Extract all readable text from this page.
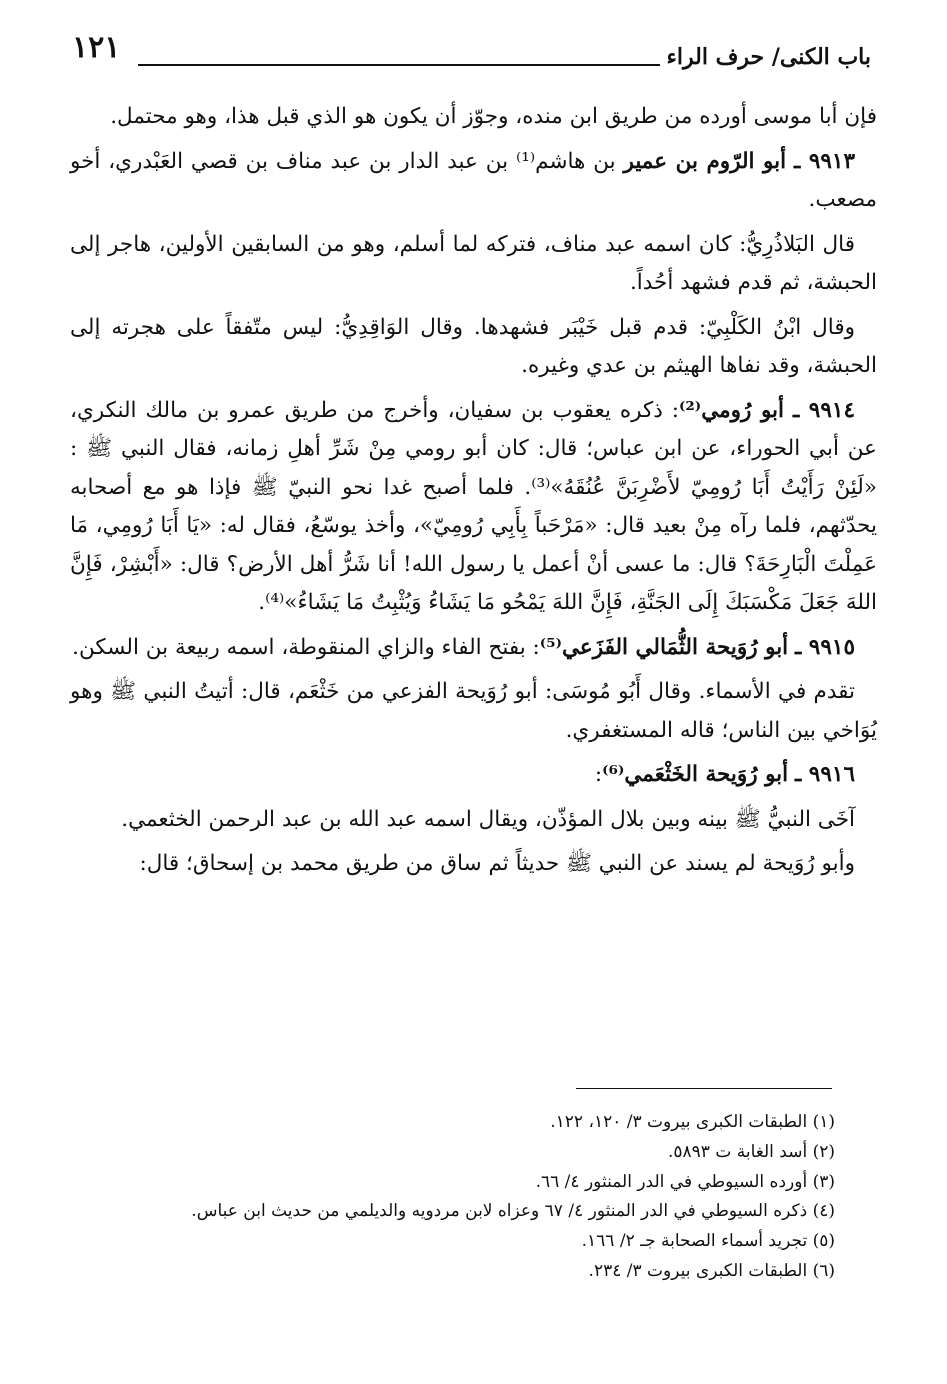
١٢١	باب الكنى/ حرف الراء

فإن أبا موسى أورده من طريق ابن منده، وجوّز أن يكون هو الذي قبل هذا، وهو محتمل.

٩٩١٣ ـ أبو الرّوم بن عمير بن هاشم⁽¹⁾ بن عبد الدار بن عبد مناف بن قصي العَبْدري، أخو مصعب.

قال البَلاذُرِيُّ: كان اسمه عبد مناف، فتركه لما أسلم، وهو من السابقين الأولين، هاجر إلى الحبشة، ثم قدم فشهد أحُداً.

وقال ابْنُ الكَلْبِيّ: قدم قبل خَيْبَر فشهدها. وقال الوَاقِدِيُّ: ليس متّفقاً على هجرته إلى الحبشة، وقد نفاها الهيثم بن عدي وغيره.

٩٩١٤ ـ أبو رُومي⁽²⁾: ذكره يعقوب بن سفيان، وأخرج من طريق عمرو بن مالك النكري، عن أبي الحوراء، عن ابن عباس؛ قال: كان أبو رومي مِنْ شَرِّ أهلِ زمانه، فقال النبي ﷺ : «لَئِنْ رَأَيْتُ أَبَا رُومِيّ لأَضْرِبَنَّ عُنُقَهُ»⁽³⁾. فلما أصبح غدا نحو النبيّ ﷺ فإذا هو مع أصحابه يحدّثهم، فلما رآه مِنْ بعيد قال: «مَرْحَباً بِأَبِي رُومِيّ»، وأخذ يوسّعُ، فقال له: «يَا أَبَا رُومِي، مَا عَمِلْتَ الْبَارِحَةَ؟ قال: ما عسى أنْ أعمل يا رسول الله! أنا شَرُّ أهل الأرض؟ قال: «أَبْشِرْ، فَإِنَّ اللهَ جَعَلَ مَكْسَبَكَ إِلَى الجَنَّةِ، فَإِنَّ اللهَ يَمْحُو مَا يَشَاءُ وَيُثْبِتُ مَا يَشَاءُ»⁽⁴⁾.

٩٩١٥ ـ أبو رُوَيحة الثُّمَالي الفَزَعي⁽⁵⁾: بفتح الفاء والزاي المنقوطة، اسمه ربيعة بن السكن.

تقدم في الأسماء. وقال أَبُو مُوسَى: أبو رُوَيحة الفزعي من خَثْعَم، قال: أتيتُ النبي ﷺ وهو يُوَاخي بين الناس؛ قاله المستغفري.

٩٩١٦ ـ أبو رُوَيحة الخَثْعَمي⁽⁶⁾:

آخَى النبيُّ ﷺ بينه وبين بلال المؤذّن، ويقال اسمه عبد الله بن عبد الرحمن الخثعمي.

وأبو رُوَيحة لم يسند عن النبي ﷺ حديثاً ثم ساق من طريق محمد بن إسحاق؛ قال:

(١) الطبقات الكبرى بيروت ٣/ ١٢٠، ١٢٢.
(٢) أسد الغابة ت ٥٨٩٣.
(٣) أورده السيوطي في الدر المنثور ٤/ ٦٦.
(٤) ذكره السيوطي في الدر المنثور ٤/ ٦٧ وعزاه لابن مردويه والديلمي من حديث ابن عباس.
(٥) تجريد أسماء الصحابة جـ ٢/ ١٦٦.
(٦) الطبقات الكبرى بيروت ٣/ ٢٣٤.
